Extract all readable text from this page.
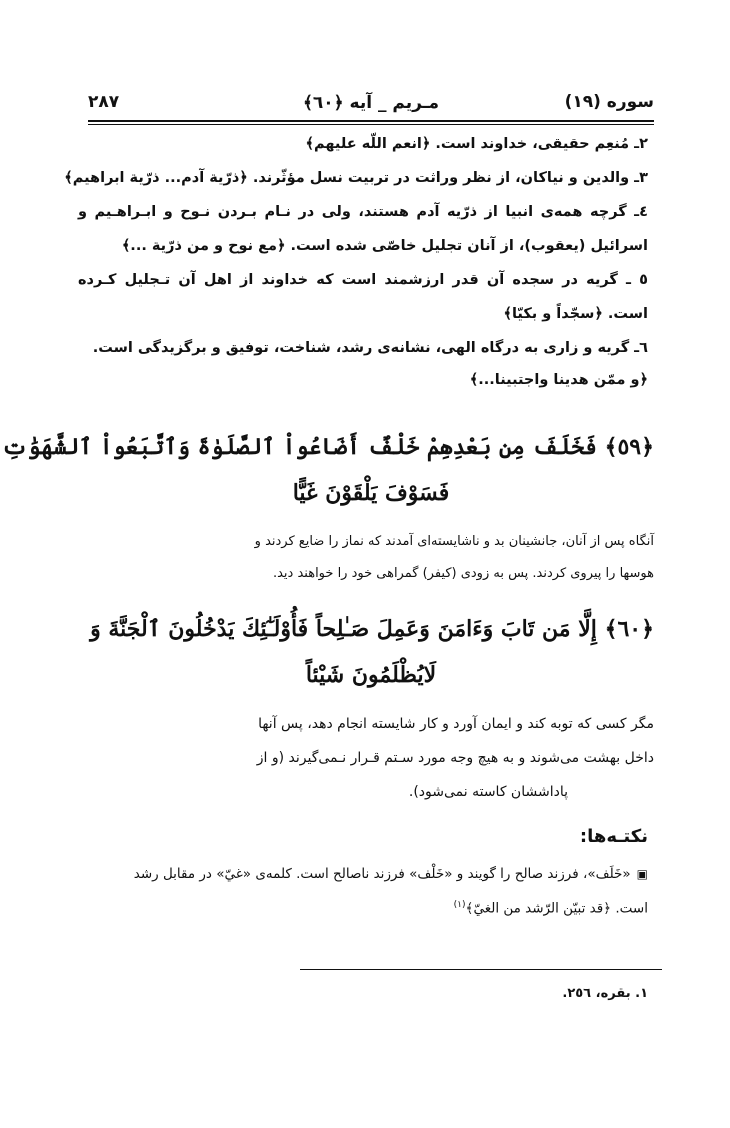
سوره (١٩)
مـريم _ آيه ﴿٦٠﴾
٢٨٧
٢ـ مُنعِم حقيقی، خداوند است. ﴿انعم اللّه عليهم﴾
٣ـ والدين و نياكان، از نظر وراثت در تربيت نسل مؤثّرند. ﴿ذرّية آدم... ذرّية ابراهيم﴾
٤ـ گرچه همه‌ی انبيا از ذرّيه آدم هستند، ولی در نـام بـردن نـوح و ابـراهـيم و
اسرائيل (يعقوب)، از آنان تجليل خاصّی شده است. ﴿مع نوح و من ذرّية ...﴾
٥ ـ گريه در سجده آن قدر ارزشمند است كه خداوند از اهل آن تـجليل كـرده
است. ﴿سجّداً و بكيّا﴾
٦ـ گريه و زاری به درگاه الهی، نشانه‌ی رشد، شناخت، توفيق و برگزيدگی است.
﴿و ممّن هدينا واجتبينا...﴾
﴿٥٩﴾ فَخَلَفَ مِن بَعْدِهِمْ خَلْفٌ أَضَاعُواْ ٱلصَّلَوٰةَ وَٱتَّبَعُواْ ٱلشَّهَوَٰتِ
فَسَوْفَ يَلْقَوْنَ غَيًّا
آنگاه پس از آنان، جانشينان بد و ناشايسته‌ای آمدند كه نماز را ضايع كردند و
هوسها را پيروی كردند. پس به زودی (كيفر) گمراهی خود را خواهند ديد.
﴿٦٠﴾ إِلَّا مَن تَابَ وَءَامَنَ وَعَمِلَ صَـٰلِحاً فَأُوْلَـٰٓئِكَ يَدْخُلُونَ ٱلْجَنَّةَ وَ
لَايُظْلَمُونَ شَيْئاً
مگر كسی كه توبه كند و ايمان آورد و كار شايسته انجام دهد، پس آنها
داخل بهشت می‌شوند و به هيچ وجه مورد سـتم قـرار نـمی‌گيرند (و از
پاداششان كاسته نمی‌شود).
نكتـه‌ها:
▣«خَلَف»، فرزند صالح را گويند و «خَلْف» فرزند ناصالح است. كلمه‌ی «غيّ» در مقابل رشد
است. ﴿قد تبيّن الرّشد من الغيّ﴾$^{(١)}$
١. بقره، ٢٥٦.
